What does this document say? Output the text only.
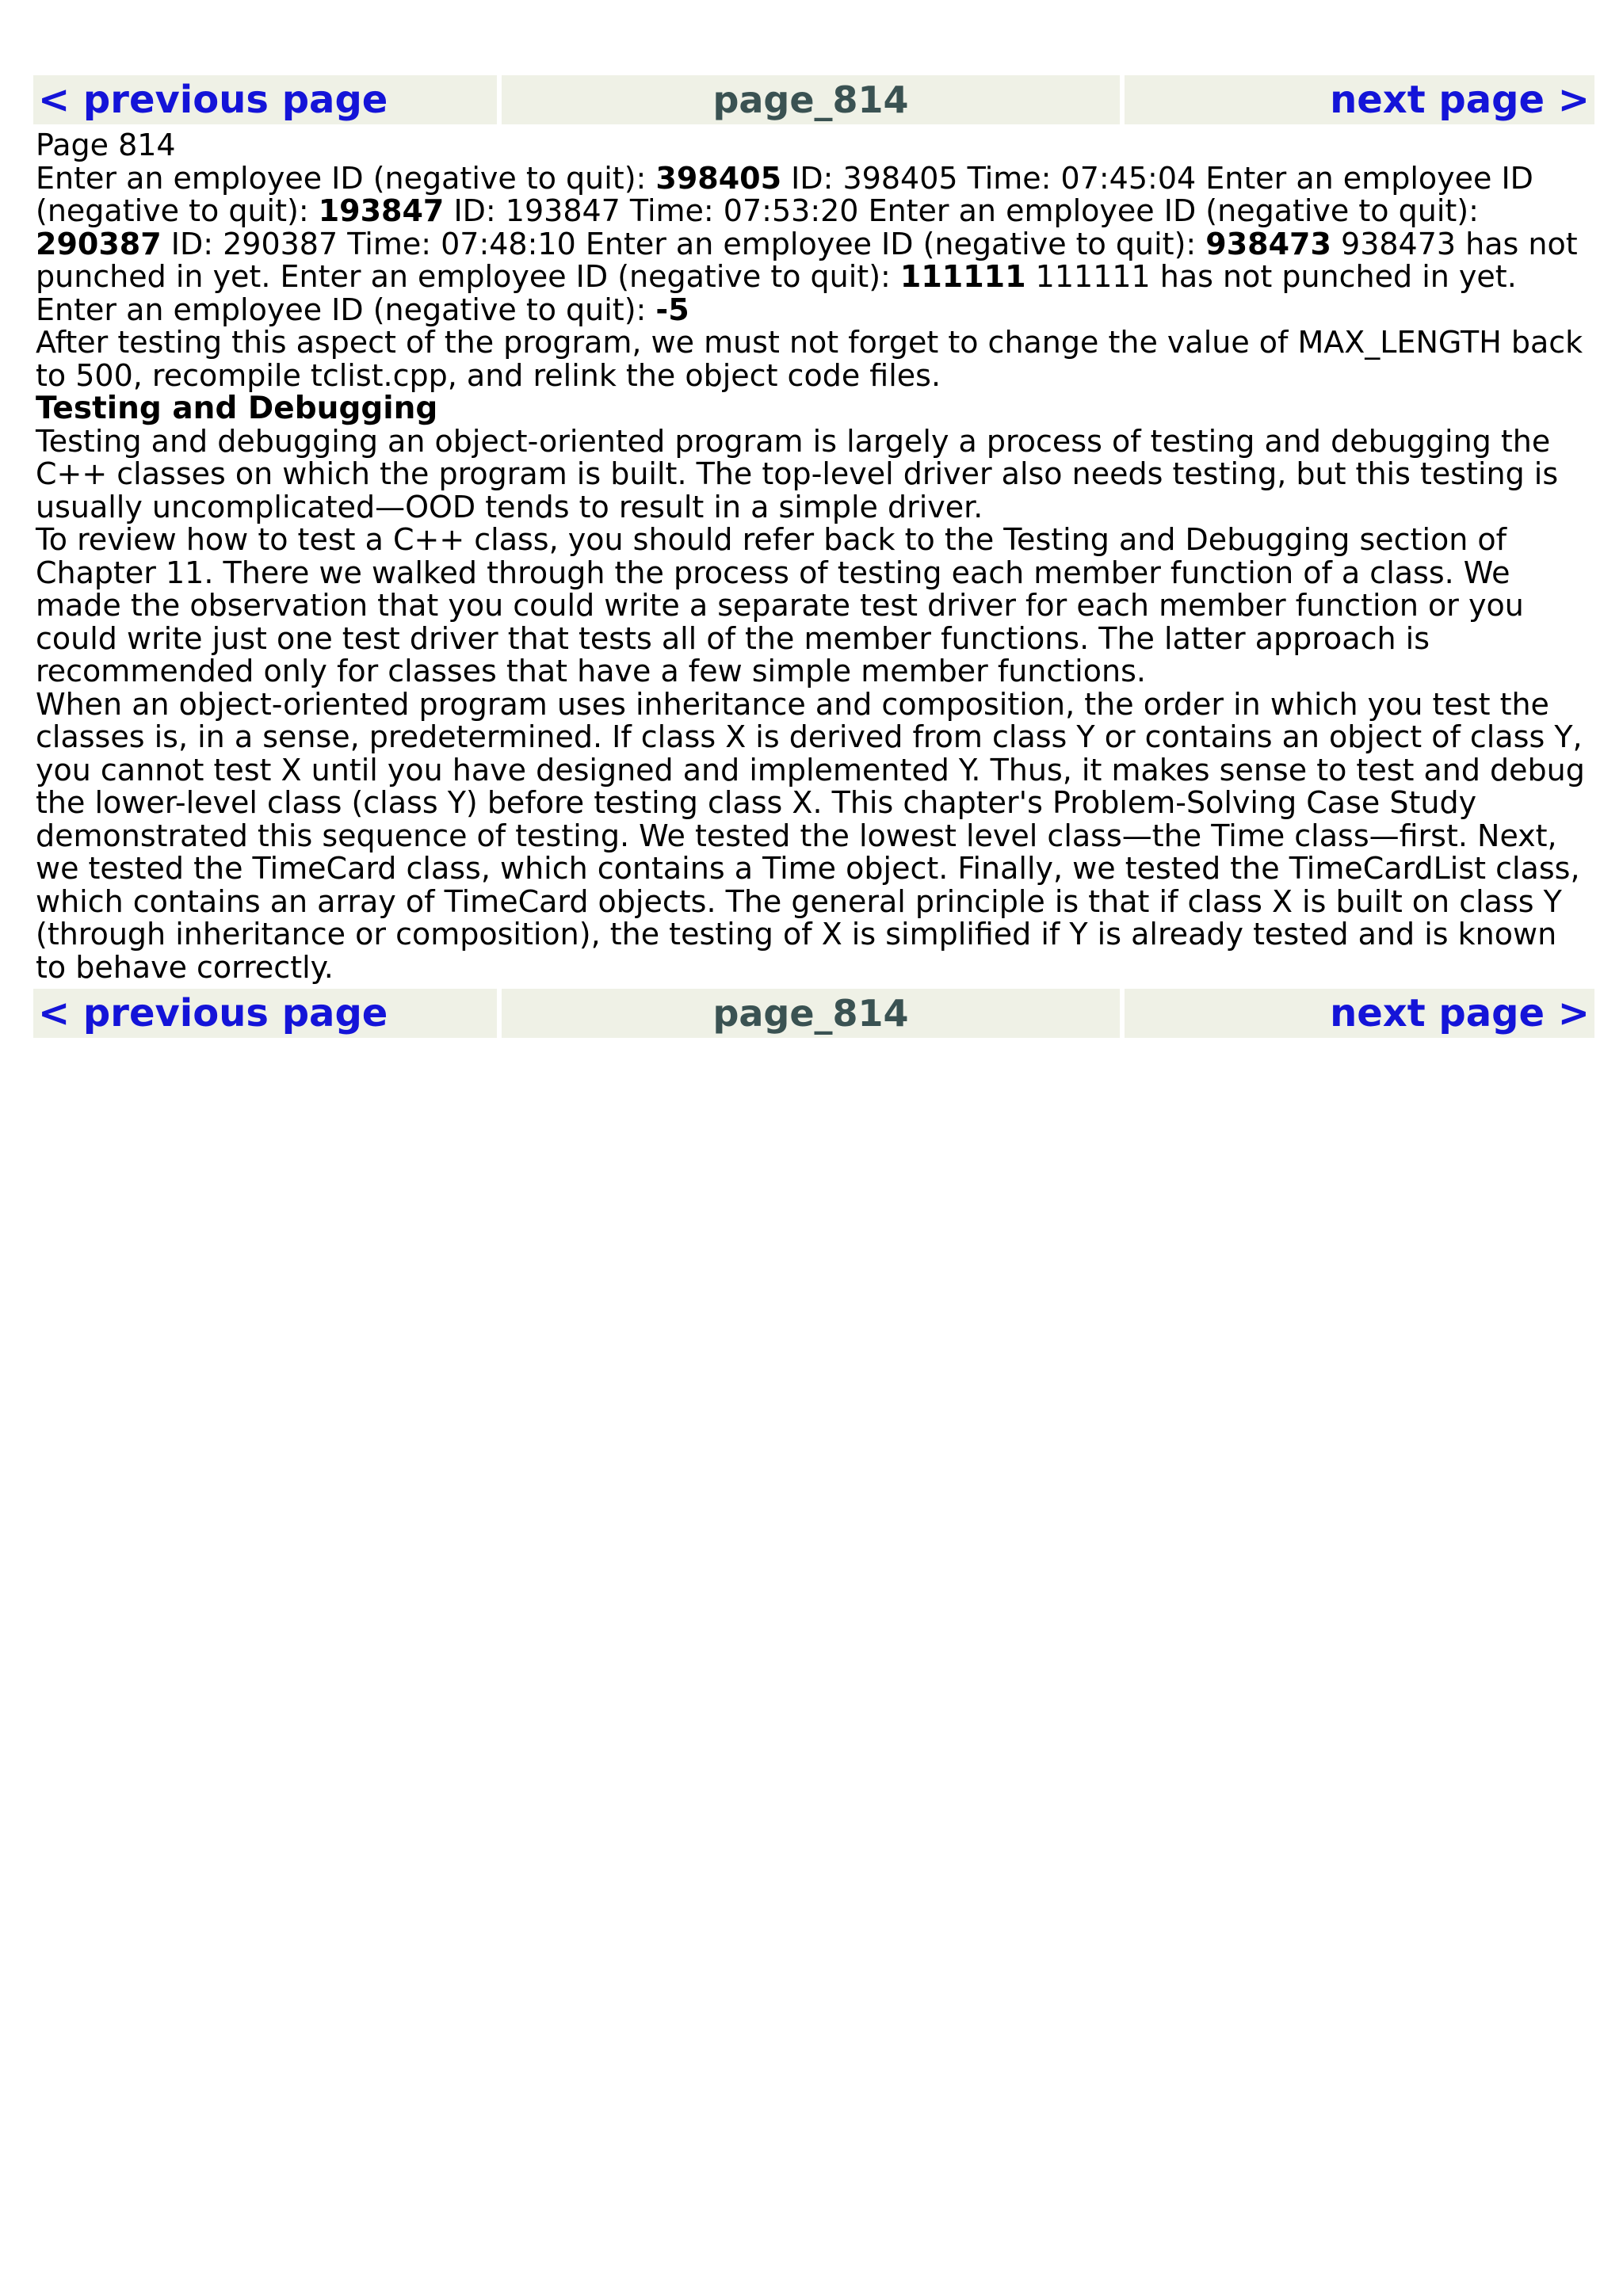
< previous page	page_814	next page >

Page 814

Enter an employee ID (negative to quit): 398405 ID: 398405 Time: 07:45:04 Enter an employee ID (negative to quit): 193847 ID: 193847 Time: 07:53:20 Enter an employee ID (negative to quit): 290387 ID: 290387 Time: 07:48:10 Enter an employee ID (negative to quit): 938473 938473 has not punched in yet. Enter an employee ID (negative to quit): 111111 111111 has not punched in yet. Enter an employee ID (negative to quit): -5

After testing this aspect of the program, we must not forget to change the value of MAX_LENGTH back to 500, recompile tclist.cpp, and relink the object code files.

Testing and Debugging

Testing and debugging an object-oriented program is largely a process of testing and debugging the C++ classes on which the program is built. The top-level driver also needs testing, but this testing is usually uncomplicated—OOD tends to result in a simple driver.

To review how to test a C++ class, you should refer back to the Testing and Debugging section of Chapter 11. There we walked through the process of testing each member function of a class. We made the observation that you could write a separate test driver for each member function or you could write just one test driver that tests all of the member functions. The latter approach is recommended only for classes that have a few simple member functions.

When an object-oriented program uses inheritance and composition, the order in which you test the classes is, in a sense, predetermined. If class X is derived from class Y or contains an object of class Y, you cannot test X until you have designed and implemented Y. Thus, it makes sense to test and debug the lower-level class (class Y) before testing class X. This chapter's Problem-Solving Case Study demonstrated this sequence of testing. We tested the lowest level class—the Time class—first. Next, we tested the TimeCard class, which contains a Time object. Finally, we tested the TimeCardList class, which contains an array of TimeCard objects. The general principle is that if class X is built on class Y (through inheritance or composition), the testing of X is simplified if Y is already tested and is known to behave correctly.

< previous page	page_814	next page >
